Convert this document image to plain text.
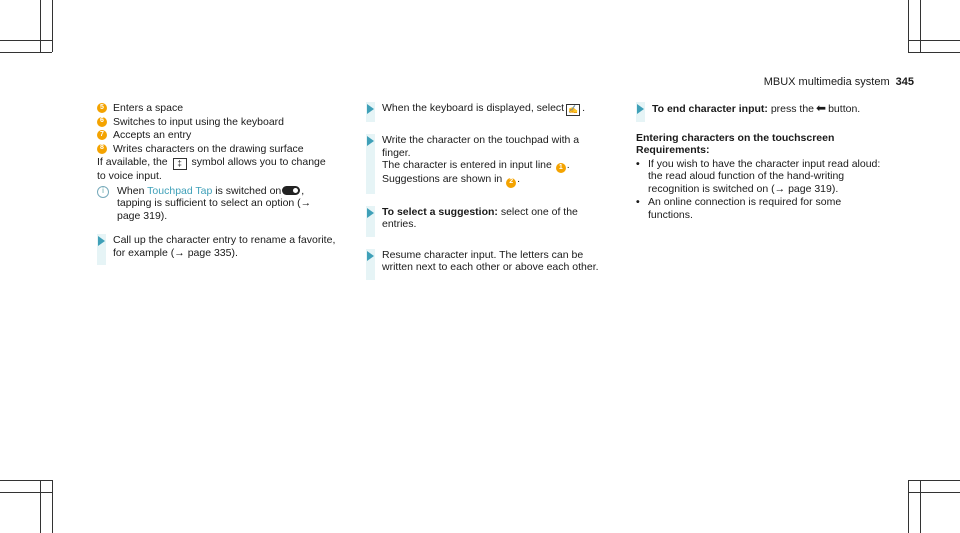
MBUX multimedia system 345
5 Enters a space
6 Switches to input using the keyboard
7 Accepts an entry
8 Writes characters on the drawing surface
If available, the ‡ symbol allows you to change to voice input.
i	When Touchpad Tap is switched on , tapping is sufficient to select an option (→ page 319).
Call up the character entry to rename a favorite, for example (→ page 335).
When the keyboard is displayed, select ✍ .
Write the character on the touchpad with a finger.
The character is entered in input line 1 .
Suggestions are shown in 2 .
To select a suggestion: select one of the entries.
Resume character input. The letters can be written next to each other or above each other.
To end character input: press the ⬅ button.
Entering characters on the touchscreen
Requirements:
• If you wish to have the character input read aloud: the read aloud function of the hand-writing recognition is switched on (→ page 319).
• An online connection is required for some functions.
